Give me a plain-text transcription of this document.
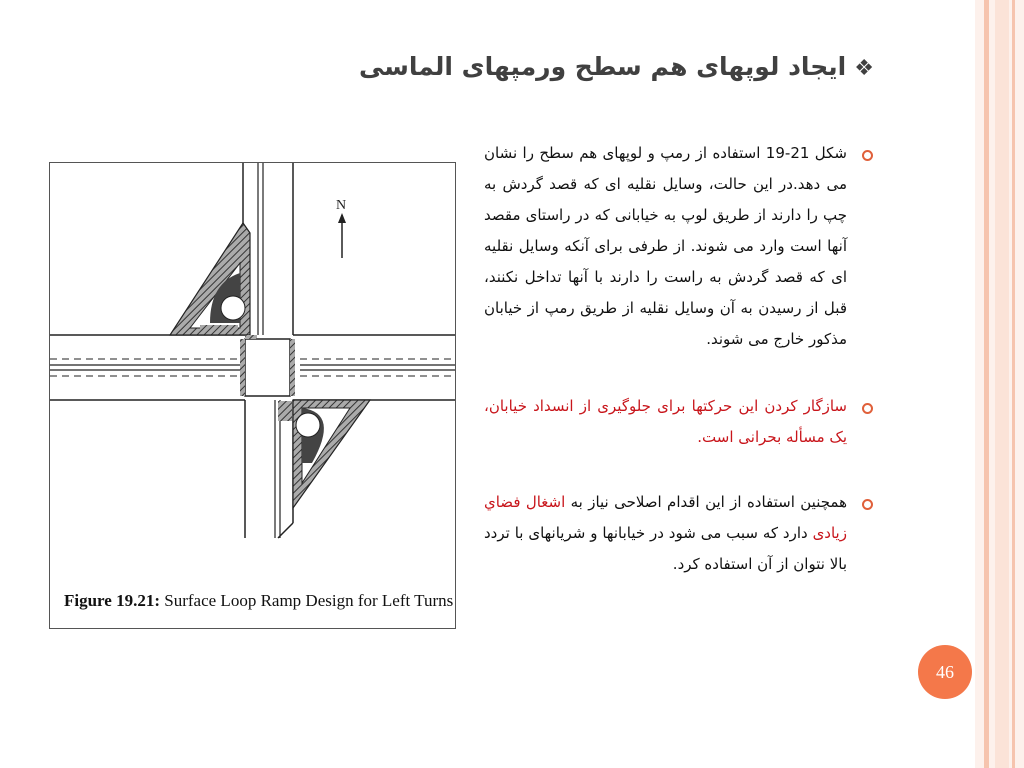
❖ایجاد لوپهای هم سطح ورمپهای الماسی
N
Figure 19.21: Surface Loop Ramp Design for Left Turns
شکل 21-19 استفاده از رمپ و لوپهای هم سطح را نشان می دهد.در این حالت، وسایل نقلیه ای که قصد گردش به چپ را دارند از طریق لوپ به خیابانی که در راستای مقصد آنها است وارد می شوند. از طرفی برای آنکه وسایل نقلیه ای که قصد گردش به راست را دارند با آنها تداخل نکنند، قبل از رسیدن به آن وسایل نقلیه از طریق رمپ از خیابان مذکور خارج می شوند.
سازگار کردن این حرکتها برای جلوگیری از انسداد خیابان، یک مسأله بحرانی است.
همچنین استفاده از این اقدام اصلاحی نیاز به اشغال فضاي زيادی دارد که سبب می شود در خیابانها و شریانهای با تردد بالا نتوان از آن استفاده کرد.
46
